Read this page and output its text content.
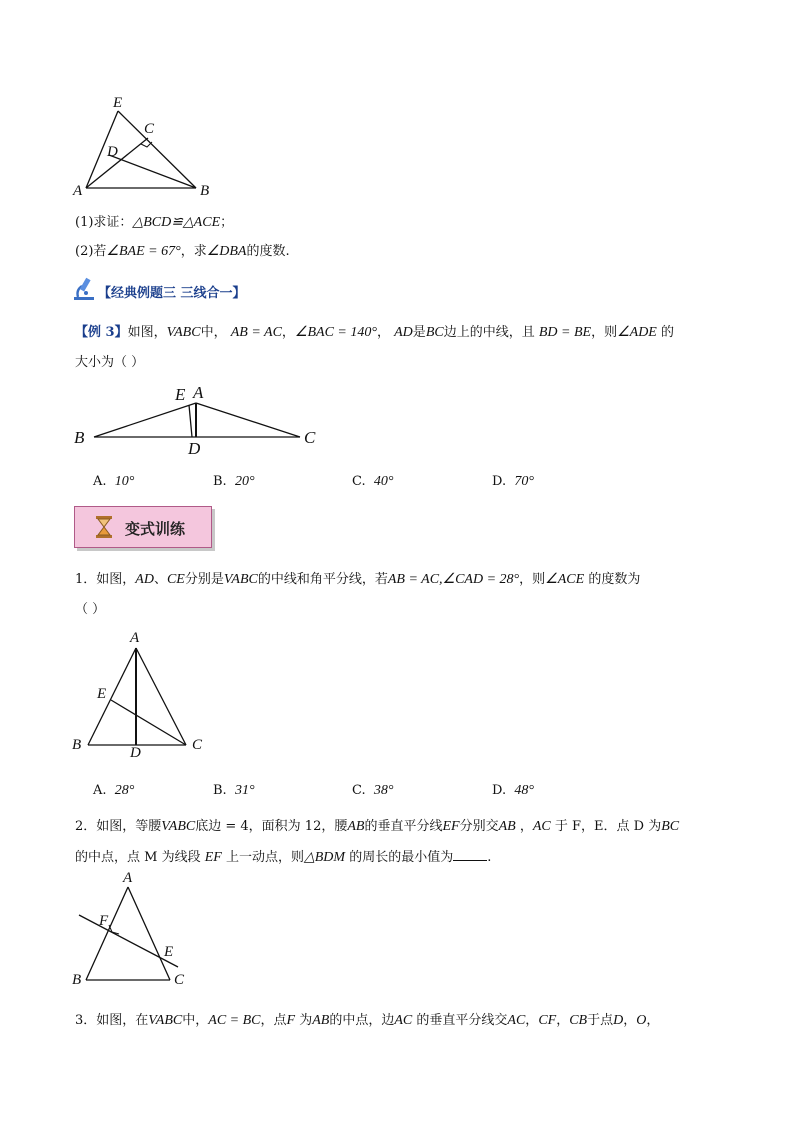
E
C
D
A	B
(1)求证：△BCD≌△ACE；
(2)若∠BAE = 67°，求∠DBA的度数.
【经典例题三 三线合一】
【例 3】如图，VABC中， AB = AC，∠BAC = 140°， AD是BC边上的中线，且 BD = BE，则∠ADE 的
大小为（ ）
E A
B
D
C
A. 10°	B. 20°	C. 40°	D. 70°
变式训练
1．如图，AD、CE分别是VABC的中线和角平分线，若AB = AC,∠CAD = 28°，则∠ACE 的度数为
（ ）
A
E
B	D	C
A. 28°	B. 31°	C. 38°	D. 48°
2．如图，等腰VABC底边 = 4，面积为 12，腰AB的垂直平分线EF分别交AB ，AC 于 F，E．点 D 为BC
的中点，点 M 为线段 EF 上一动点，则△BDM 的周长的最小值为	.
A
F
E
B	C
3．如图，在VABC中，AC = BC，点F 为AB的中点，边AC 的垂直平分线交AC，CF，CB于点D，O，
